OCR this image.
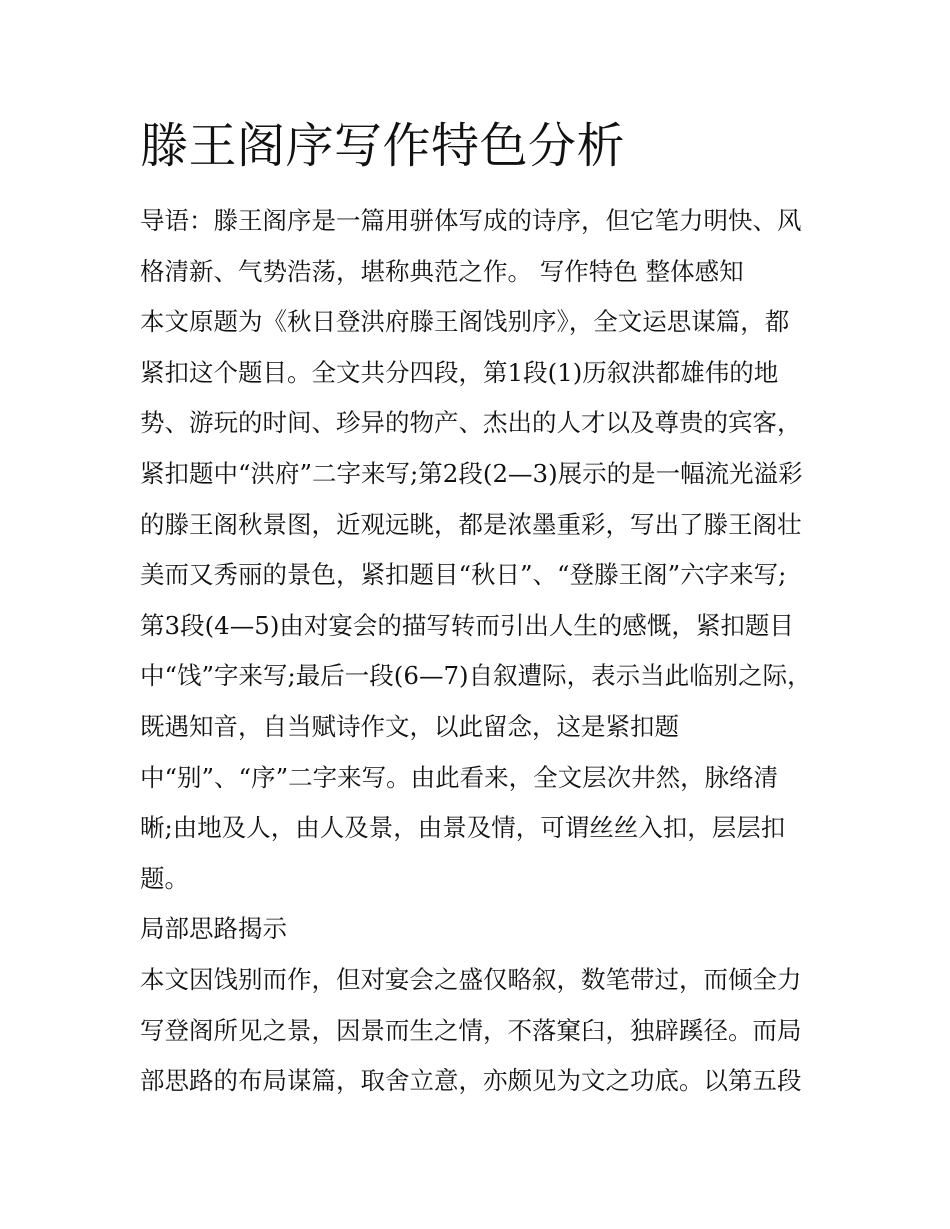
滕王阁序写作特色分析
导语：滕王阁序是一篇用骈体写成的诗序，但它笔力明快、风
格清新、气势浩荡，堪称典范之作。 写作特色 整体感知
本文原题为《秋日登洪府滕王阁饯别序》，全文运思谋篇，都
紧扣这个题目。全文共分四段，第1段(1)历叙洪都雄伟的地
势、游玩的时间、珍异的物产、杰出的人才以及尊贵的宾客，
紧扣题中“洪府”二字来写;第2段(2—3)展示的是一幅流光溢彩
的滕王阁秋景图，近观远眺，都是浓墨重彩，写出了滕王阁壮
美而又秀丽的景色，紧扣题目“秋日”、“登滕王阁”六字来写;
第3段(4—5)由对宴会的描写转而引出人生的感慨，紧扣题目
中“饯”字来写;最后一段(6—7)自叙遭际，表示当此临别之际，
既遇知音，自当赋诗作文，以此留念，这是紧扣题
中“别”、“序”二字来写。由此看来，全文层次井然，脉络清
晰;由地及人，由人及景，由景及情，可谓丝丝入扣，层层扣
题。
局部思路揭示
本文因饯别而作，但对宴会之盛仅略叙，数笔带过，而倾全力
写登阁所见之景，因景而生之情，不落窠臼，独辟蹊径。而局
部思路的布局谋篇，取舍立意，亦颇见为文之功底。以第五段
